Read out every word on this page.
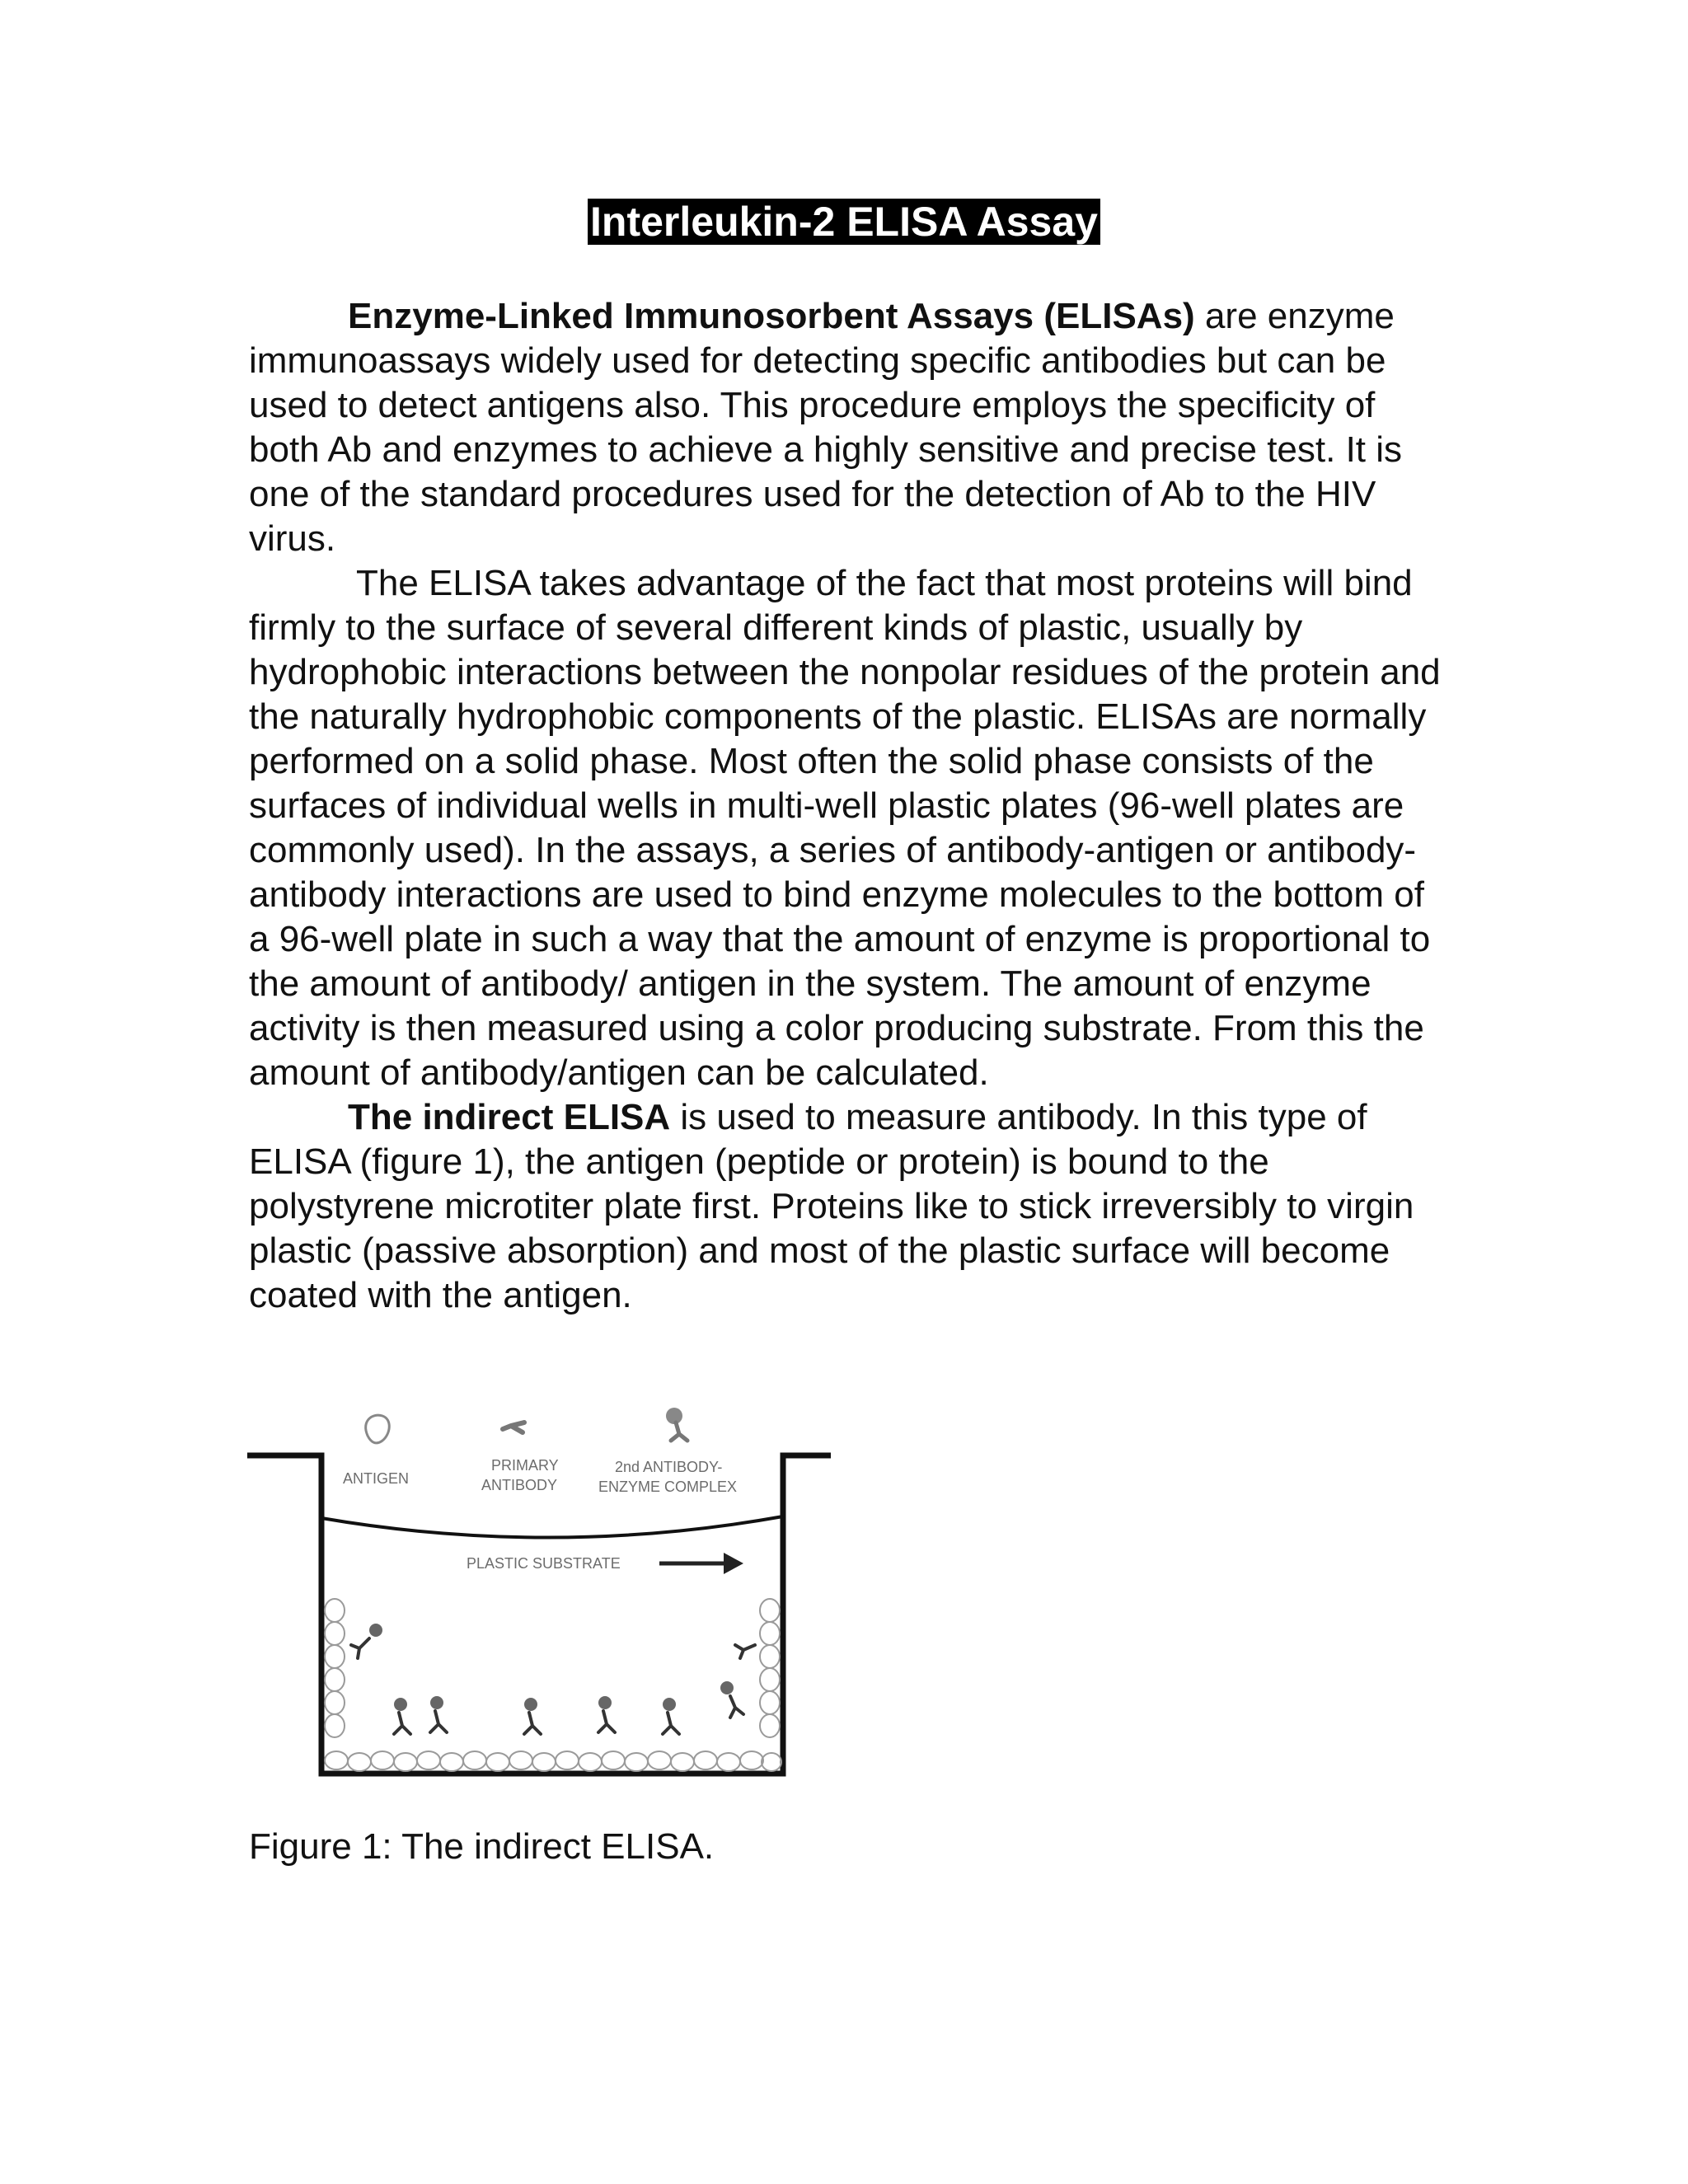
Interleukin-2 ELISA Assay

Enzyme-Linked Immunosorbent Assays (ELISAs) are enzyme immunoassays widely used for detecting specific antibodies but can be used to detect antigens also. This procedure employs the specificity of both Ab and enzymes to achieve a highly sensitive and precise test. It is one of the standard procedures used for the detection of Ab to the HIV virus.

The ELISA takes advantage of the fact that most proteins will bind firmly to the surface of several different kinds of plastic, usually by hydrophobic interactions between the nonpolar residues of the protein and the naturally hydrophobic components of the plastic. ELISAs are normally performed on a solid phase. Most often the solid phase consists of the surfaces of individual wells in multi-well plastic plates (96-well plates are commonly used). In the assays, a series of antibody-antigen or antibody-antibody interactions are used to bind enzyme molecules to the bottom of a 96-well plate in such a way that the amount of enzyme is proportional to the amount of antibody/ antigen in the system. The amount of enzyme activity is then measured using a color producing substrate. From this the amount of antibody/antigen can be calculated.

The indirect ELISA is used to measure antibody. In this type of ELISA (figure 1), the antigen (peptide or protein) is bound to the polystyrene microtiter plate first. Proteins like to stick irreversibly to virgin plastic (passive absorption) and most of the plastic surface will become coated with the antigen.

ANTIGEN
PRIMARY
ANTIBODY
2nd ANTIBODY-
ENZYME COMPLEX
PLASTIC SUBSTRATE
Figure 1: The indirect ELISA.
